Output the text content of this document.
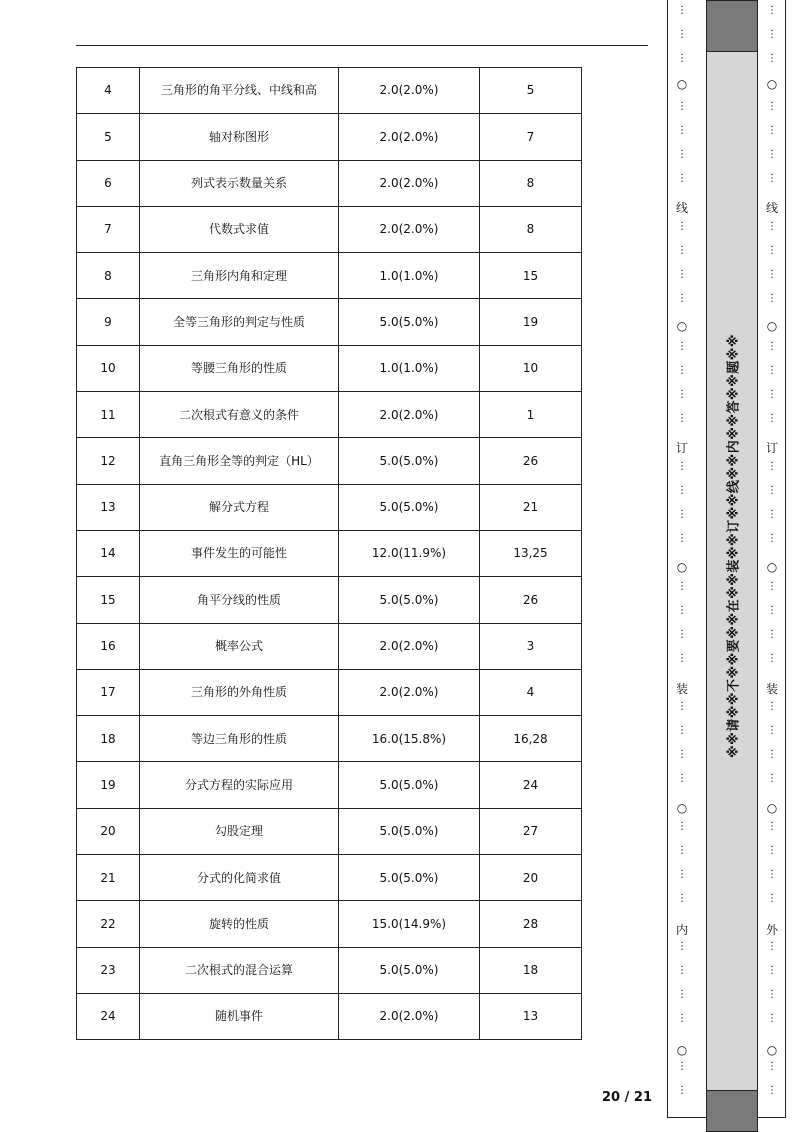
4	三角形的角平分线、中线和高	2.0(2.0%)	5
5	轴对称图形	2.0(2.0%)	7
6	列式表示数量关系	2.0(2.0%)	8
7	代数式求值	2.0(2.0%)	8
8	三角形内角和定理	1.0(1.0%)	15
9	全等三角形的判定与性质	5.0(5.0%)	19
10	等腰三角形的性质	1.0(1.0%)	10
11	二次根式有意义的条件	2.0(2.0%)	1
12	直角三角形全等的判定（HL）	5.0(5.0%)	26
13	解分式方程	5.0(5.0%)	21
14	事件发生的可能性	12.0(11.9%)	13,25
15	角平分线的性质	5.0(5.0%)	26
16	概率公式	2.0(2.0%)	3
17	三角形的外角性质	2.0(2.0%)	4
18	等边三角形的性质	16.0(15.8%)	16,28
19	分式方程的实际应用	5.0(5.0%)	24
20	勾股定理	5.0(5.0%)	27
21	分式的化简求值	5.0(5.0%)	20
22	旋转的性质	15.0(14.9%)	28
23	二次根式的混合运算	5.0(5.0%)	18
24	随机事件	2.0(2.0%)	13
20 / 21
※※请※※不※※要※※在※※装※※订※※线※※内※※答※※题※※
○
○
○
○
○
线
订
装
内
⋮
⋮
⋮
⋮
⋮
⋮
⋮
⋮
⋮
⋮
⋮
⋮
⋮
⋮
⋮
⋮
⋮
⋮
⋮
⋮
⋮
⋮
⋮
⋮
⋮
⋮
⋮
⋮
⋮
⋮
⋮
⋮
⋮
⋮
⋮
⋮
⋮
○
○
○
○
○
线
订
装
外
⋮
⋮
⋮
⋮
⋮
⋮
⋮
⋮
⋮
⋮
⋮
⋮
⋮
⋮
⋮
⋮
⋮
⋮
⋮
⋮
⋮
⋮
⋮
⋮
⋮
⋮
⋮
⋮
⋮
⋮
⋮
⋮
⋮
⋮
⋮
⋮
⋮
